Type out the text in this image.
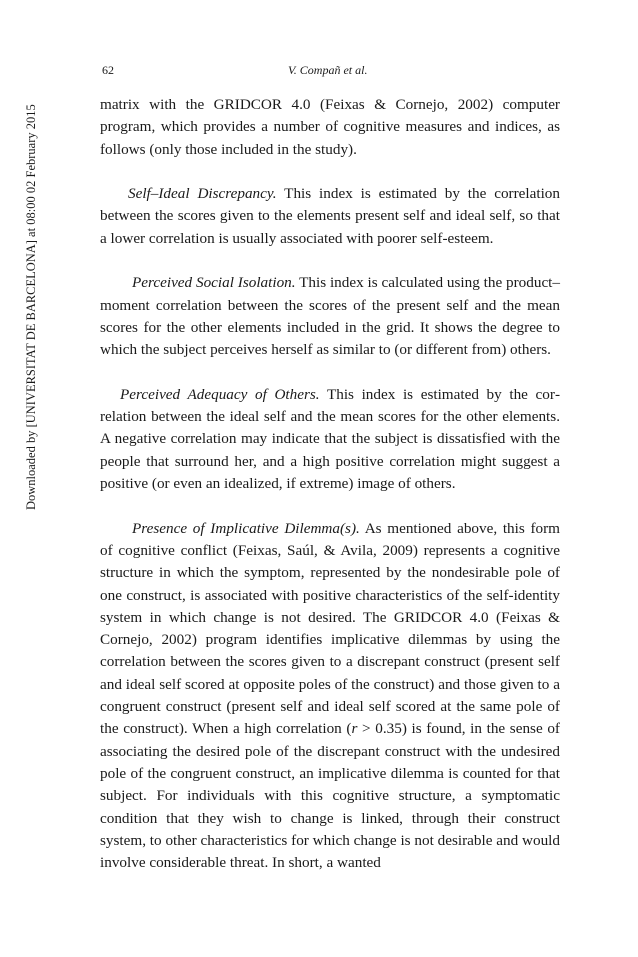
Downloaded by [UNIVERSITAT DE BARCELONA] at 08:00 02 February 2015
62	V. Compañ et al.

matrix with the GRIDCOR 4.0 (Feixas & Cornejo, 2002) computer program, which provides a number of cognitive measures and indices, as follows (only those included in the study).

Self–Ideal Discrepancy. This index is estimated by the correlation between the scores given to the elements present self and ideal self, so that a lower correlation is usually associated with poorer self-esteem.

Perceived Social Isolation. This index is calculated using the product–moment correlation between the scores of the present self and the mean scores for the other elements included in the grid. It shows the degree to which the subject perceives herself as similar to (or different from) others.

Perceived Adequacy of Others. This index is estimated by the correlation between the ideal self and the mean scores for the other elements. A negative correlation may indicate that the subject is dissatisfied with the people that surround her, and a high positive correlation might suggest a positive (or even an idealized, if extreme) image of others.

Presence of Implicative Dilemma(s). As mentioned above, this form of cognitive conflict (Feixas, Saúl, & Avila, 2009) represents a cognitive structure in which the symptom, represented by the nondesirable pole of one construct, is associated with positive characteristics of the self-identity system in which change is not desired. The GRIDCOR 4.0 (Feixas & Cornejo, 2002) program identifies implicative dilemmas by using the correlation between the scores given to a discrepant construct (present self and ideal self scored at opposite poles of the construct) and those given to a congruent construct (present self and ideal self scored at the same pole of the construct). When a high correlation (r > 0.35) is found, in the sense of associating the desired pole of the discrepant construct with the undesired pole of the congruent construct, an implicative dilemma is counted for that subject. For individuals with this cognitive structure, a symptomatic condition that they wish to change is linked, through their construct system, to other characteristics for which change is not desirable and would involve considerable threat. In short, a wanted
